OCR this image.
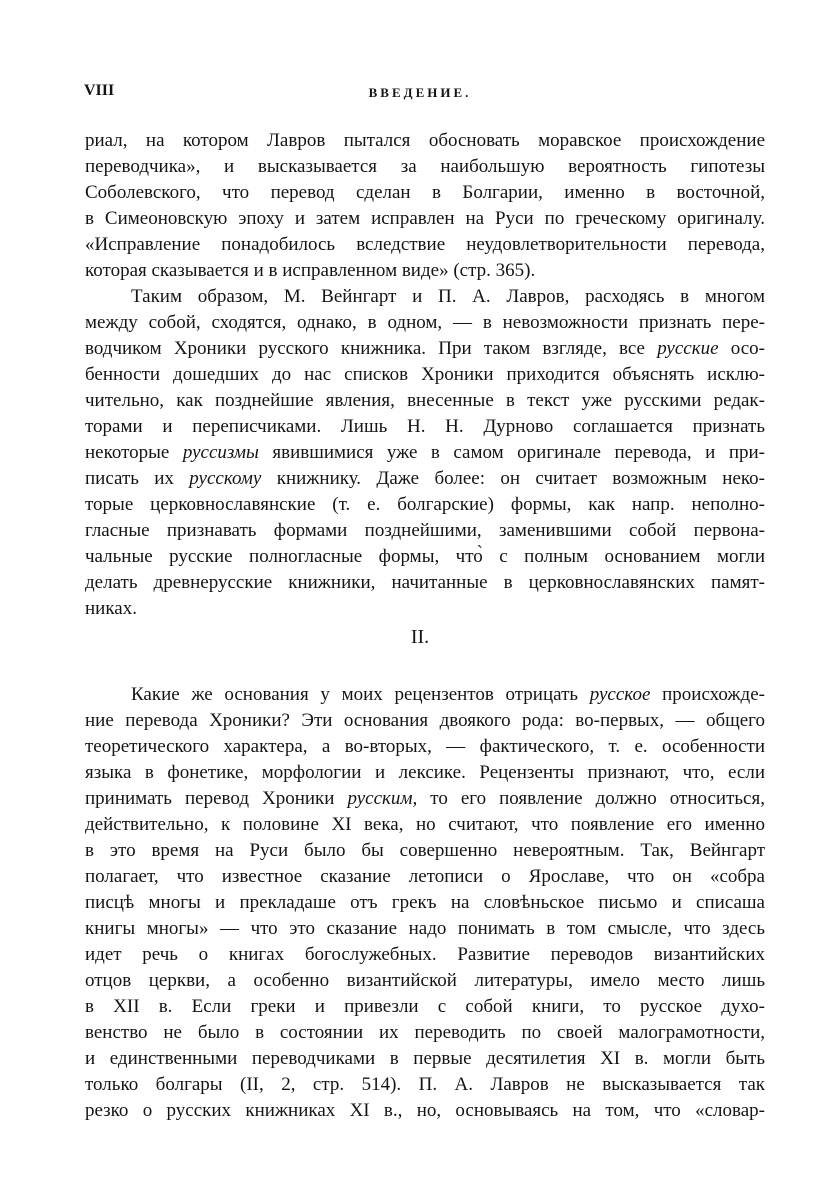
VIII	ВВЕДЕНИЕ.
риал, на котором Лавров пытался обосновать моравское происхождение
переводчика», и высказывается за наибольшую вероятность гипотезы
Соболевского, что перевод сделан в Болгарии, именно в восточной,
в Симеоновскую эпоху и затем исправлен на Руси по греческому оригиналу.
«Исправление понадобилось вследствие неудовлетворительности перевода,
которая сказывается и в исправленном виде» (стр. 365).
Таким образом, М. Вейнгарт и П. А. Лавров, расходясь в многом
между собой, сходятся, однако, в одном, — в невозможности признать пере-
водчиком Хроники русского книжника. При таком взгляде, все русские осо-
бенности дошедших до нас списков Хроники приходится объяснять исклю-
чительно, как позднейшие явления, внесенные в текст уже русскими редак-
торами и переписчиками. Лишь Н. Н. Дурново соглашается признать
некоторые руссизмы явившимися уже в самом оригинале перевода, и при-
писать их русскому книжнику. Даже более: он считает возможным неко-
торые церковнославянские (т. е. болгарские) формы, как напр. неполно-
гласные признавать формами позднейшими, заменившими собой первона-
чальные русские полногласные формы, что̀ с полным основанием могли
делать древнерусские книжники, начитанные в церковнославянских памят-
никах.
II.
Какие же основания у моих рецензентов отрицать русское происхожде-
ние перевода Хроники? Эти основания двоякого рода: во-первых, — общего
теоретического характера, а во-вторых, — фактического, т. е. особенности
языка в фонетике, морфологии и лексике. Рецензенты признают, что, если
принимать перевод Хроники русским, то его появление должно относиться,
действительно, к половине XI века, но считают, что появление его именно
в это время на Руси было бы совершенно невероятным. Так, Вейнгарт
полагает, что известное сказание летописи о Ярославе, что он «собра
писцѣ многы и прекладаше отъ грекъ на словѣньское письмо и списаша
книгы многы» — что это сказание надо понимать в том смысле, что здесь
идет речь о книгах богослужебных. Развитие переводов византийских
отцов церкви, а особенно византийской литературы, имело место лишь
в XII в. Если греки и привезли с собой книги, то русское духо-
венство не было в состоянии их переводить по своей малограмотности,
и единственными переводчиками в первые десятилетия XI в. могли быть
только болгары (II, 2, стр. 514). П. А. Лавров не высказывается так
резко о русских книжниках XI в., но, основываясь на том, что «словар-
